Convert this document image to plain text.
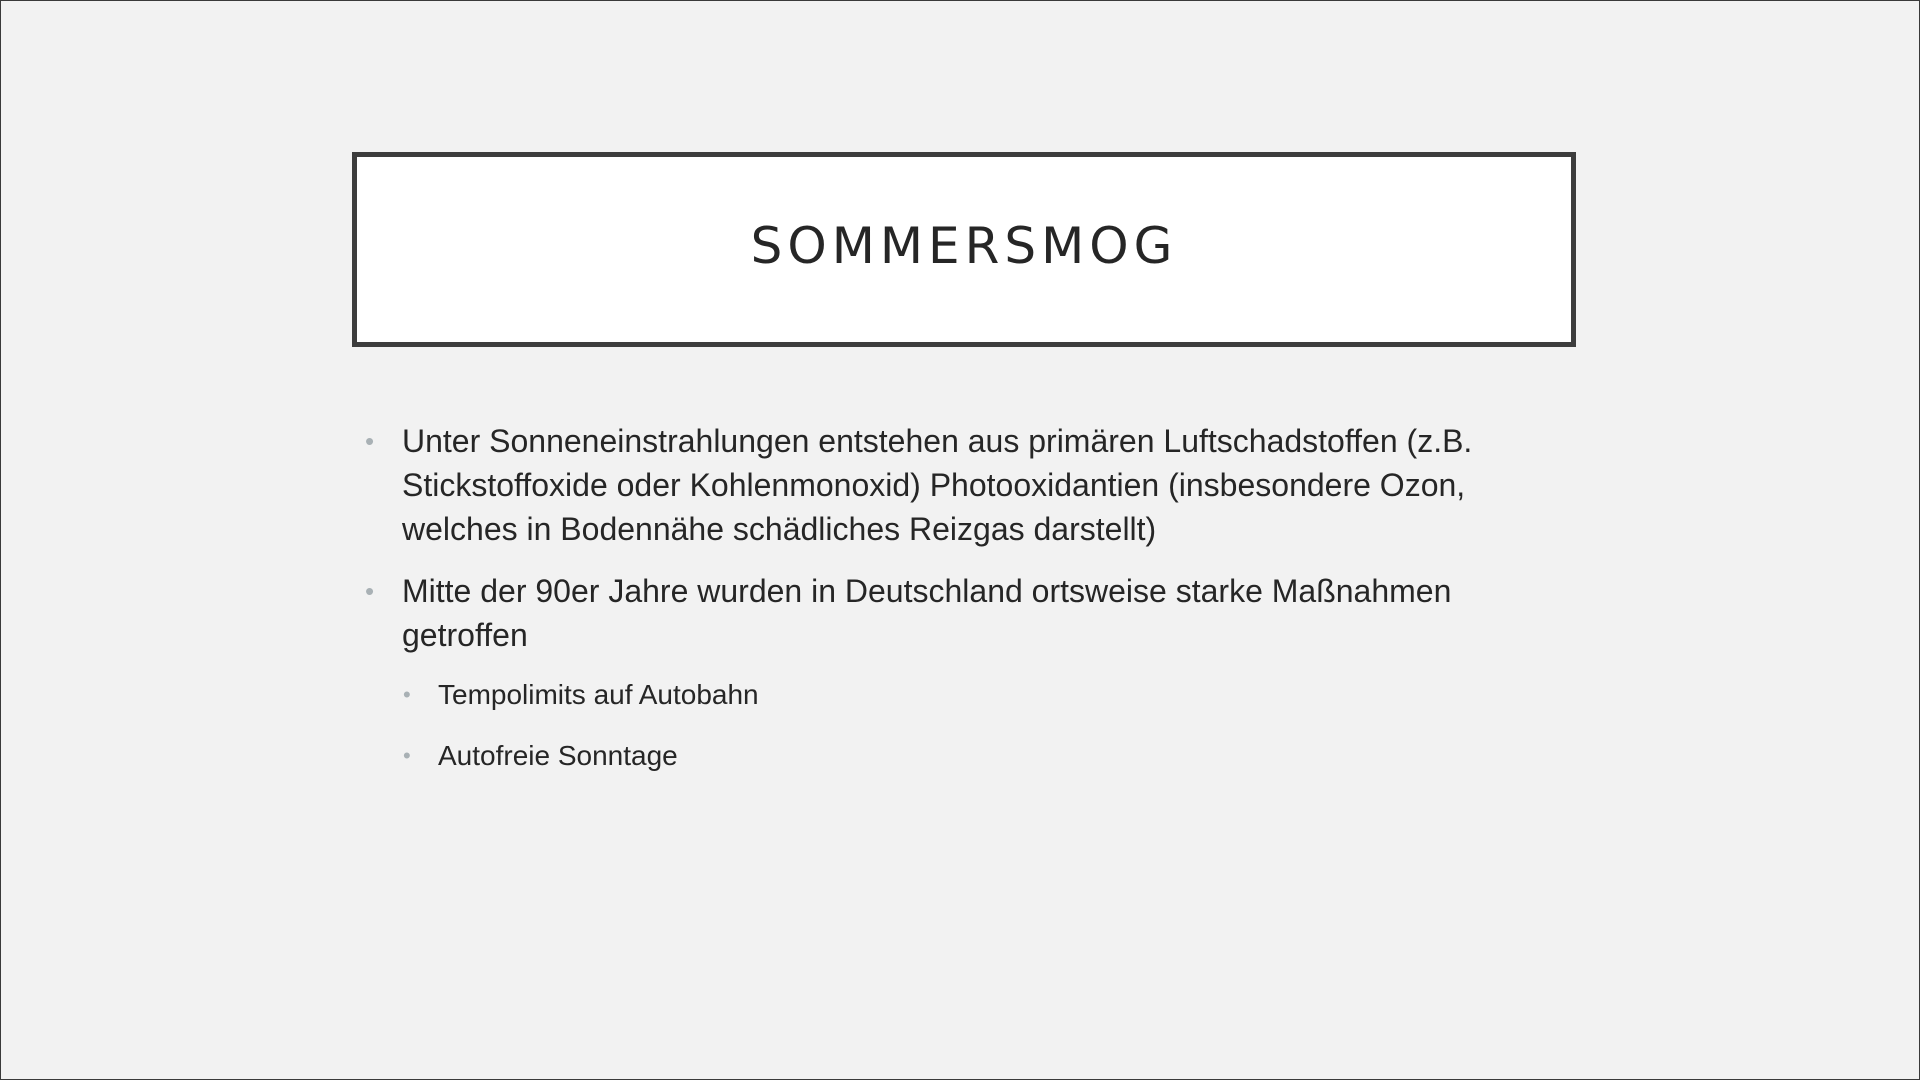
SOMMERSMOG
• Unter Sonneneinstrahlungen entstehen aus primären Luftschadstoffen (z.B. Stickstoffoxide oder Kohlenmonoxid) Photooxidantien (insbesondere Ozon, welches in Bodennähe schädliches Reizgas darstellt)
• Mitte der 90er Jahre wurden in Deutschland ortsweise starke Maßnahmen getroffen
• Tempolimits auf Autobahn
• Autofreie Sonntage
